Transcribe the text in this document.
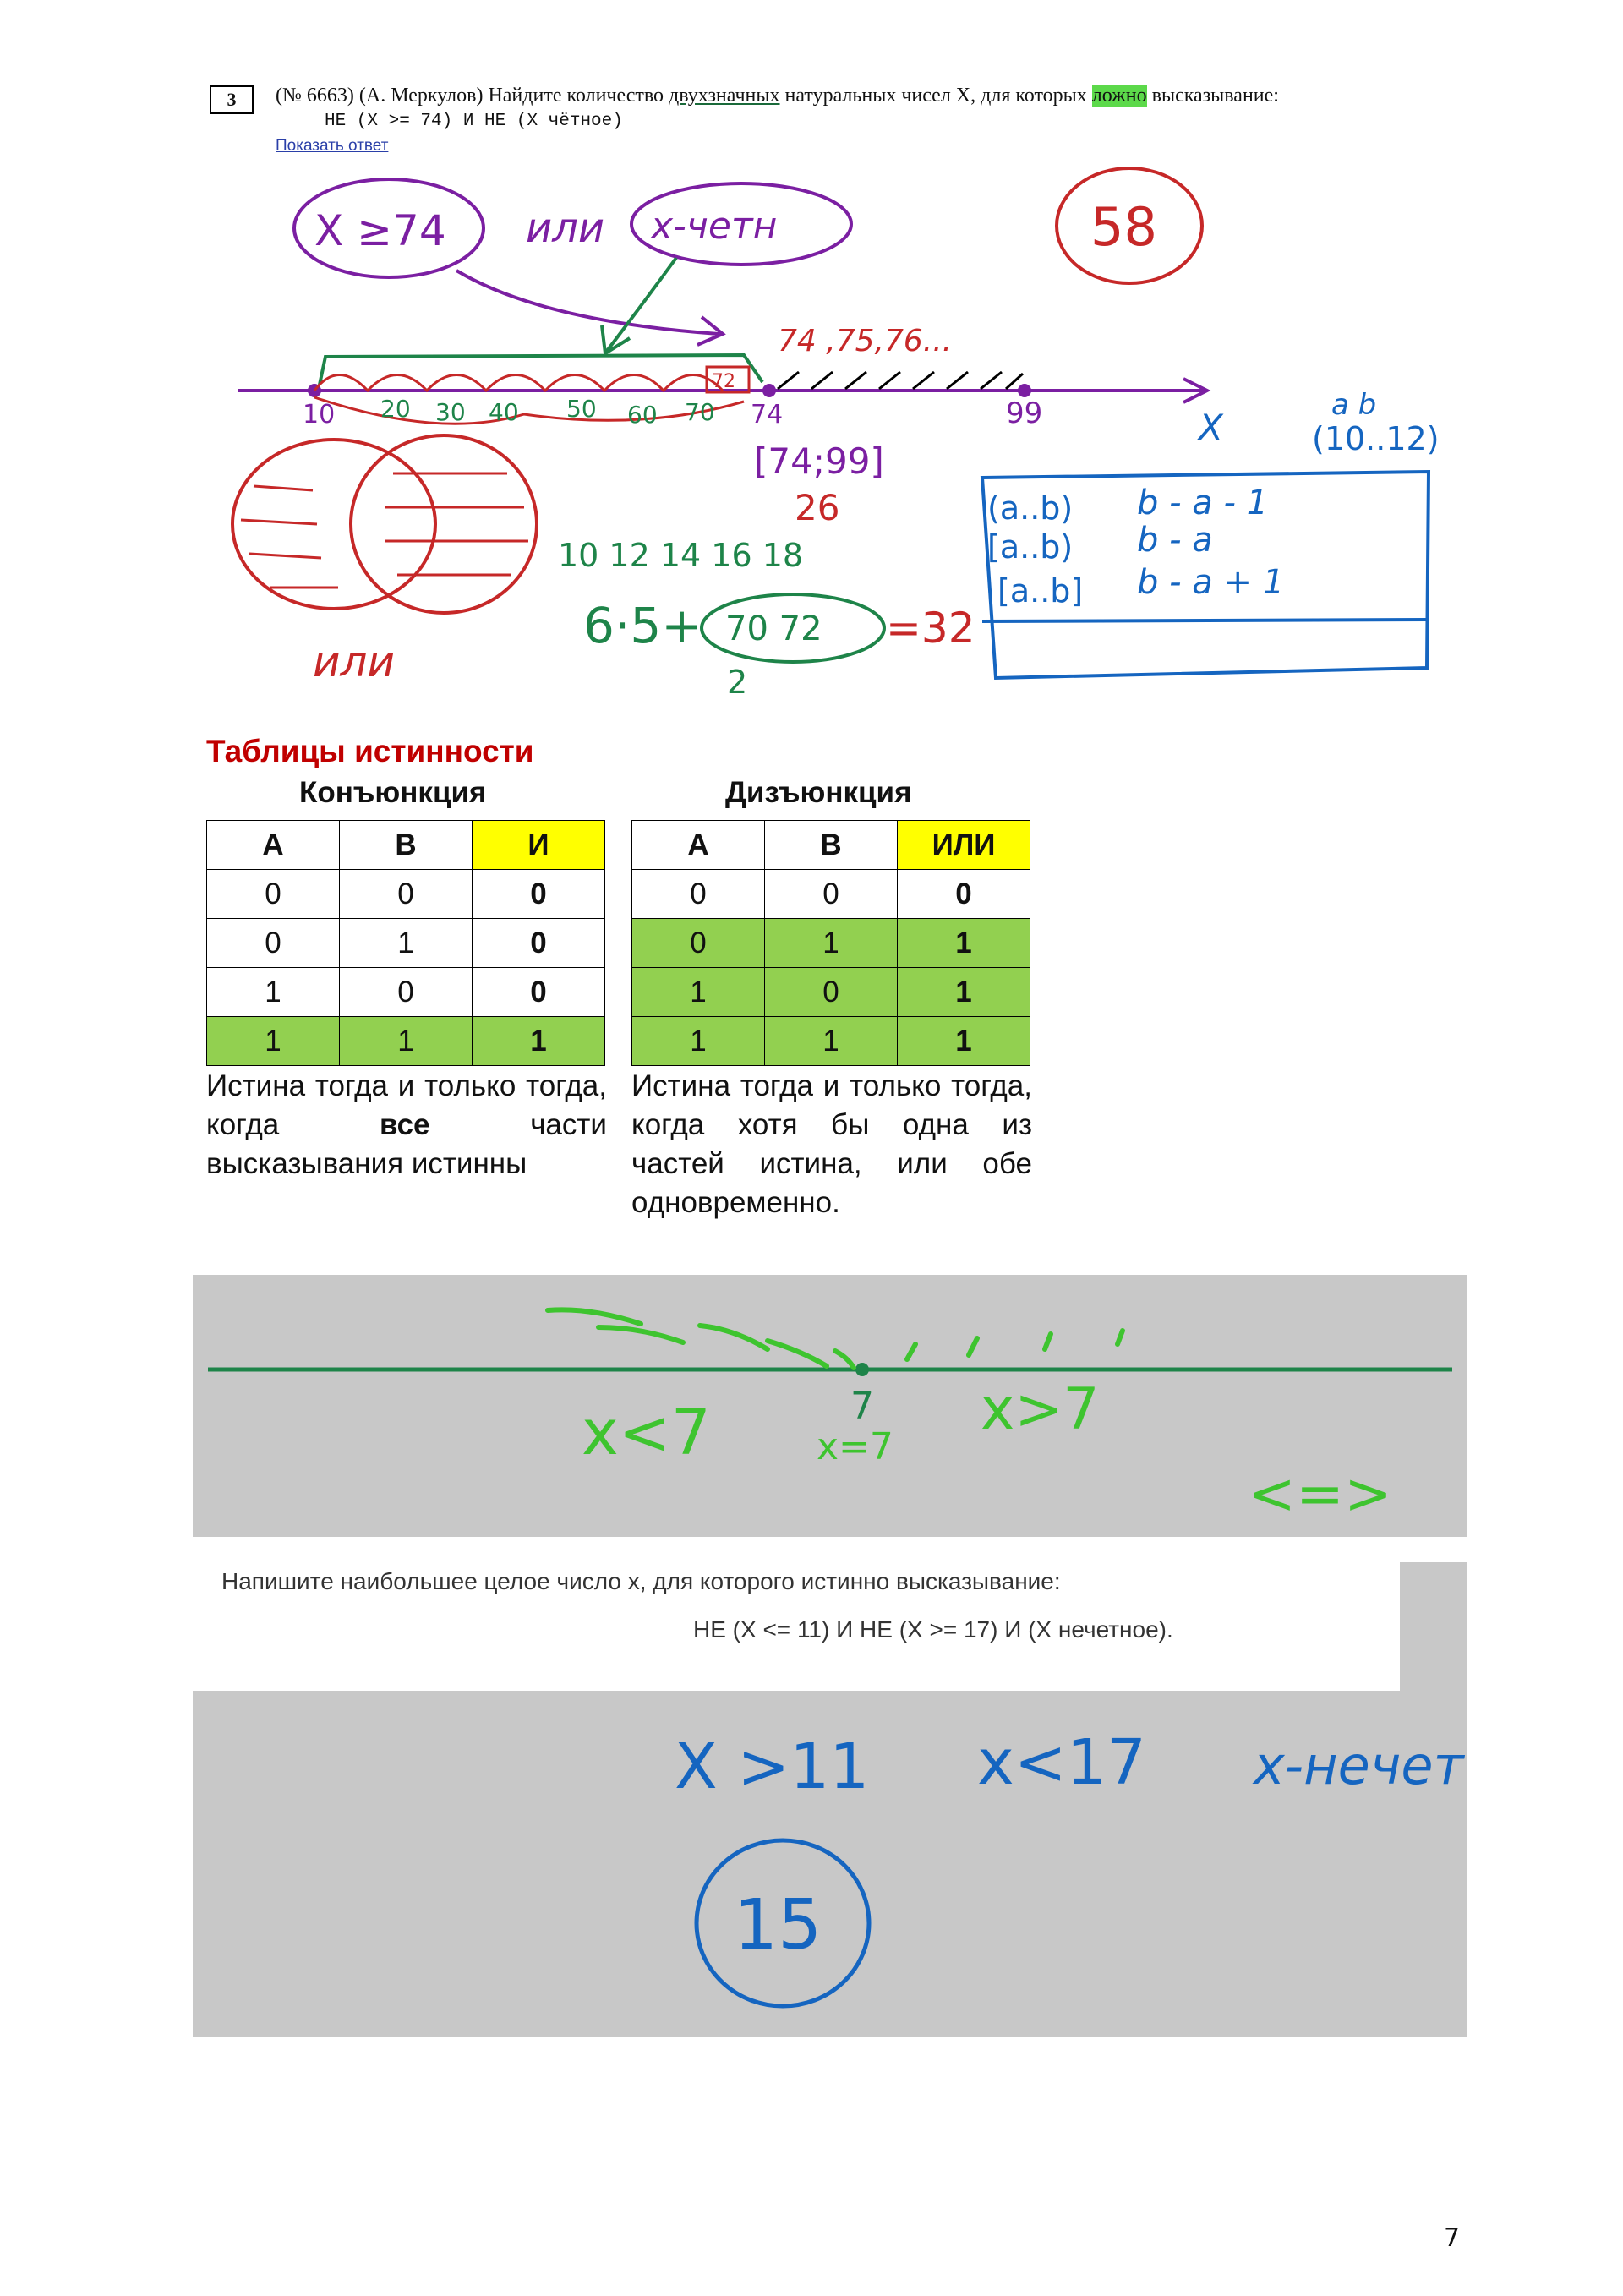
3	(№ 6663) (А. Меркулов) Найдите количество двухзначных натуральных чисел X, для которых ложно высказывание:
НЕ (X >= 74) И НЕ (X чётное)
Показать ответ
X ≥74 или x-четн	58
72
74 ,75,76...
10 20 30 40 50 60 70 74	99	X
[74;99]
26
или
10 12 14 16 18
6·5+ 70 72
2
=32
a b
(10..12)
(a..b) b - a - 1
[a..b) b - a
[a..b] b - a + 1
Таблицы истинности
Конъюнкция
A	B	И
0	0	0
0	1	0
1	0	0
1	1	1
Истина тогда и только тогда, когда все части высказывания истинны
Дизъюнкция
A	B	ИЛИ
0	0	0
0	1	1
1	0	1
1	1	1
Истина тогда и только тогда, когда хотя бы одна из частей истина, или обе одновременно.
7
x<7	x=7
x>7
<=>
Напишите наибольшее целое число x, для которого истинно высказывание:
НЕ (X <= 11) И НЕ (X >= 17) И (X нечетное).
X >11 x<17 x-нечет
15
7
